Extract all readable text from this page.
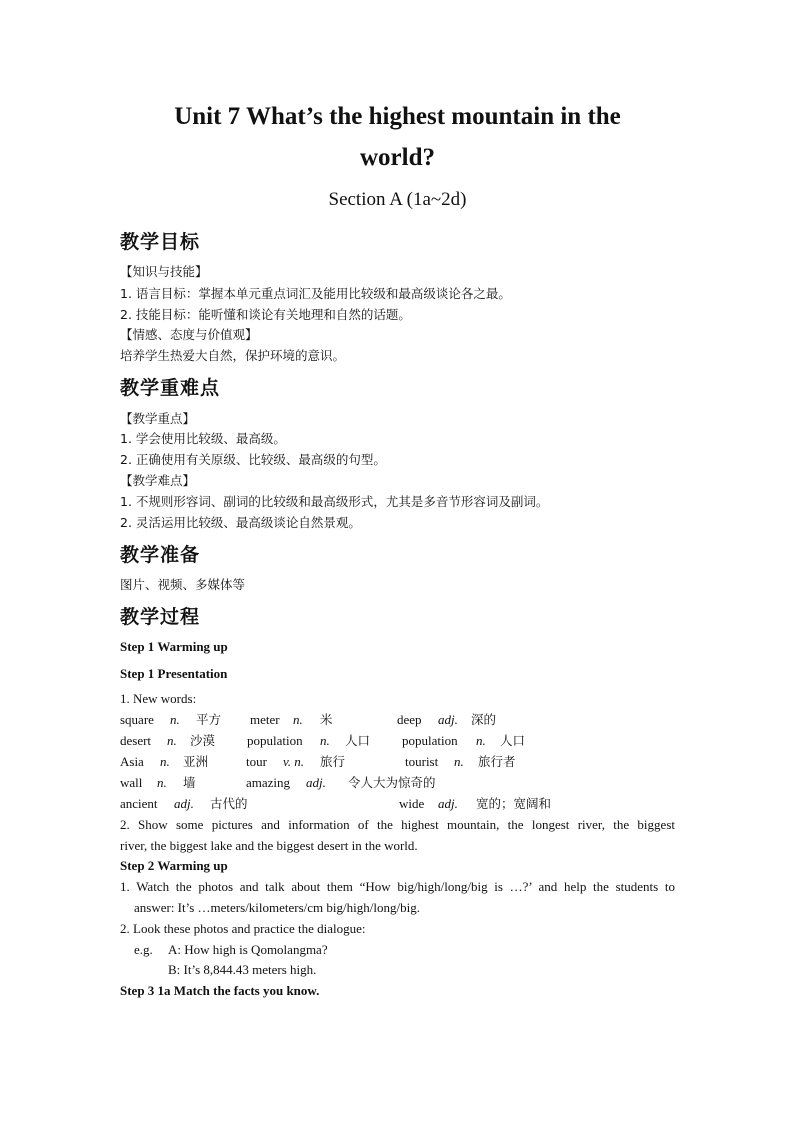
Unit 7 What’s the highest mountain in the
world?
Section A (1a~2d)
教学目标
【知识与技能】
1. 语言目标：掌握本单元重点词汇及能用比较级和最高级谈论各之最。
2. 技能目标：能听懂和谈论有关地理和自然的话题。
【情感、态度与价值观】
培养学生热爱大自然，保护环境的意识。
教学重难点
【教学重点】
1. 学会使用比较级、最高级。
2. 正确使用有关原级、比较级、最高级的句型。
【教学难点】
1. 不规则形容词、副词的比较级和最高级形式，尤其是多音节形容词及副词。
2. 灵活运用比较级、最高级谈论自然景观。
教学准备
图片、视频、多媒体等
教学过程
Step 1 Warming up
Step 1 Presentation
1. New words:
square n. 平方 meter n. 米	deep adj. 深的
desert n. 沙漠 population n. 人口 population n. 人口
Asia n. 亚洲	tour v. n. 旅行	tourist n. 旅行者
wall n. 墙	amazing adj. 令人大为惊奇的
ancient adj. 古代的	wide adj. 宽的；宽阔和
2. Show some pictures and information of the highest mountain, the longest river, the biggest
river, the biggest lake and the biggest desert in the world.
Step 2 Warming up
1. Watch the photos and talk about them “How big/high/long/big is …?’ and help the students to
answer: It’s …meters/kilometers/cm big/high/long/big.
2. Look these photos and practice the dialogue:
e.g. A: How high is Qomolangma?
B: It’s 8,844.43 meters high.
Step 3 1a Match the facts you know.
